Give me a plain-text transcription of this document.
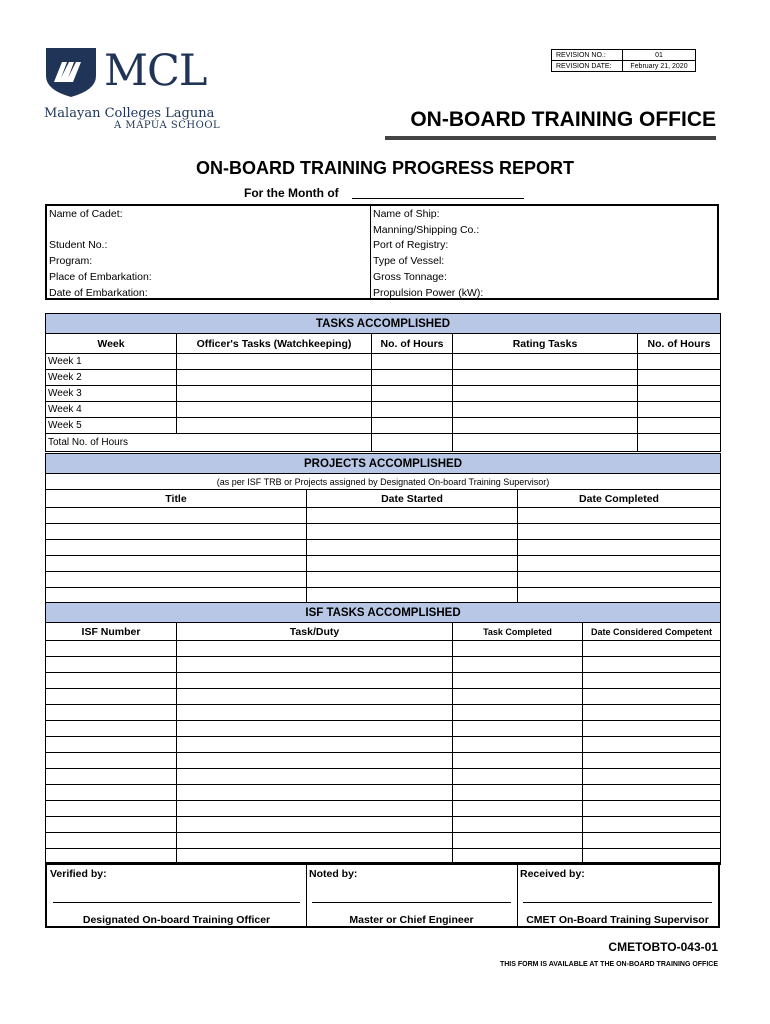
MCL
Malayan Colleges Laguna
A MAPÚA SCHOOL
REVISION NO.:	01
REVISION DATE:	February 21, 2020
ON-BOARD TRAINING OFFICE
ON-BOARD TRAINING PROGRESS REPORT
For the Month of
Name of Cadet:
Student No.:
Program:
Place of Embarkation:
Date of Embarkation:
Name of Ship:
Manning/Shipping Co.:
Port of Registry:
Type of Vessel:
Gross Tonnage:
Propulsion Power (kW):
TASKS ACCOMPLISHED				
Week	Officer's Tasks (Watchkeeping)	No. of Hours	Rating Tasks	No. of Hours
Week 1				
Week 2				
Week 3				
Week 4				
Week 5				
Total No. of Hours				
PROJECTS ACCOMPLISHED		
(as per ISF TRB or Projects assigned by Designated On-board Training Supervisor)		
Title	Date Started	Date Completed

ISF TASKS ACCOMPLISHED			
ISF Number	Task/Duty	Task Completed	Date Considered Competent

Verified by:
Designated On-board Training Officer
Noted by:
Master or Chief Engineer
Received by:
CMET On-Board Training Supervisor
CMETOBTO-043-01
THIS FORM IS AVAILABLE AT THE ON-BOARD TRAINING OFFICE
